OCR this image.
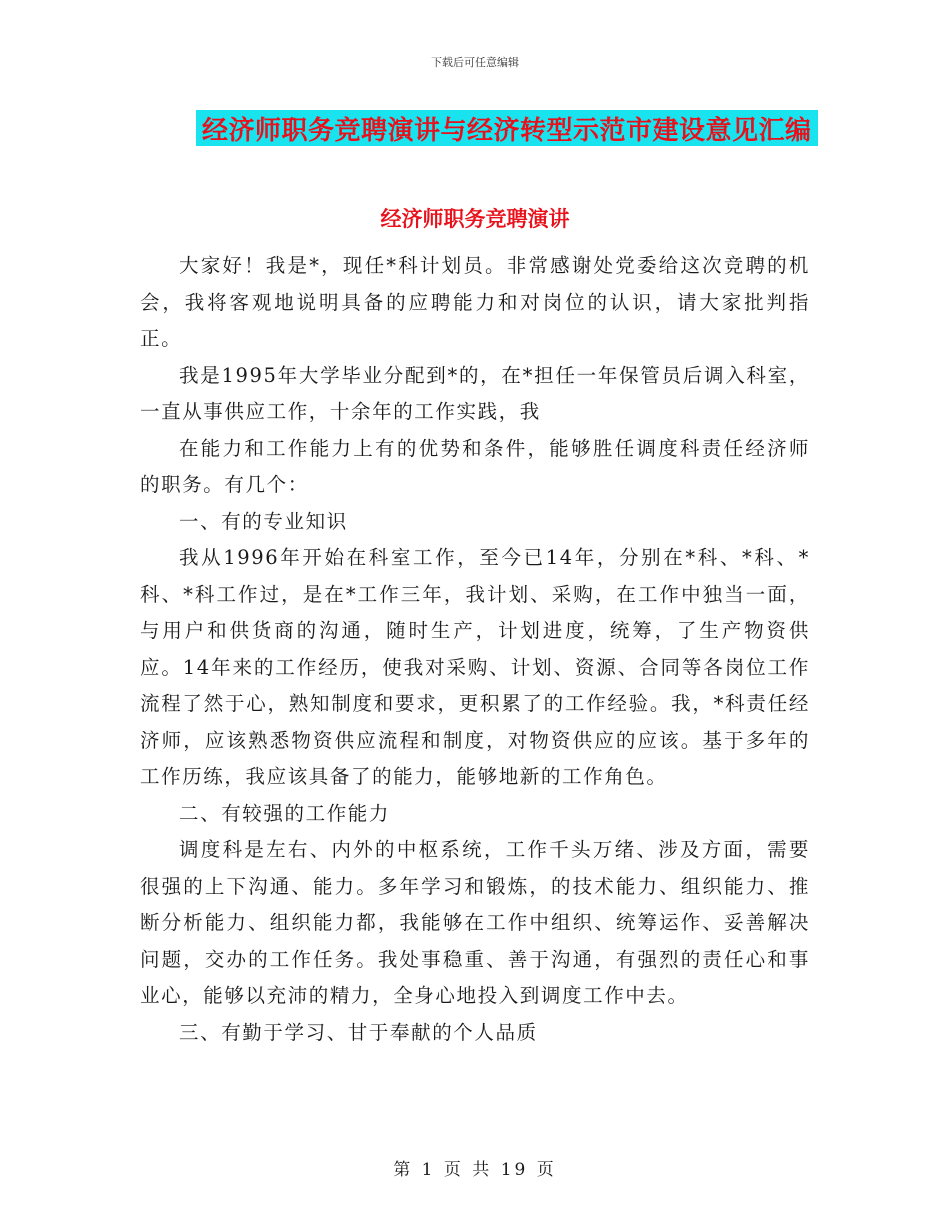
下载后可任意编辑
经济师职务竞聘演讲与经济转型示范市建设意见汇编
经济师职务竞聘演讲

大家好！我是*，现任*科计划员。非常感谢处党委给这次竞聘的机会，我将客观地说明具备的应聘能力和对岗位的认识，请大家批判指正。

我是1995年大学毕业分配到*的，在*担任一年保管员后调入科室，一直从事供应工作，十余年的工作实践，我

在能力和工作能力上有的优势和条件，能够胜任调度科责任经济师的职务。有几个：

一、有的专业知识

我从1996年开始在科室工作，至今已14年，分别在*科、*科、*科、*科工作过，是在*工作三年，我计划、采购，在工作中独当一面，与用户和供货商的沟通，随时生产，计划进度，统筹，了生产物资供应。14年来的工作经历，使我对采购、计划、资源、合同等各岗位工作流程了然于心，熟知制度和要求，更积累了的工作经验。我，*科责任经济师，应该熟悉物资供应流程和制度，对物资供应的应该。基于多年的工作历练，我应该具备了的能力，能够地新的工作角色。

二、有较强的工作能力

调度科是左右、内外的中枢系统，工作千头万绪、涉及方面，需要很强的上下沟通、能力。多年学习和锻炼，的技术能力、组织能力、推断分析能力、组织能力都，我能够在工作中组织、统筹运作、妥善解决问题，交办的工作任务。我处事稳重、善于沟通，有强烈的责任心和事业心，能够以充沛的精力，全身心地投入到调度工作中去。

三、有勤于学习、甘于奉献的个人品质

第 1 页 共 19 页
